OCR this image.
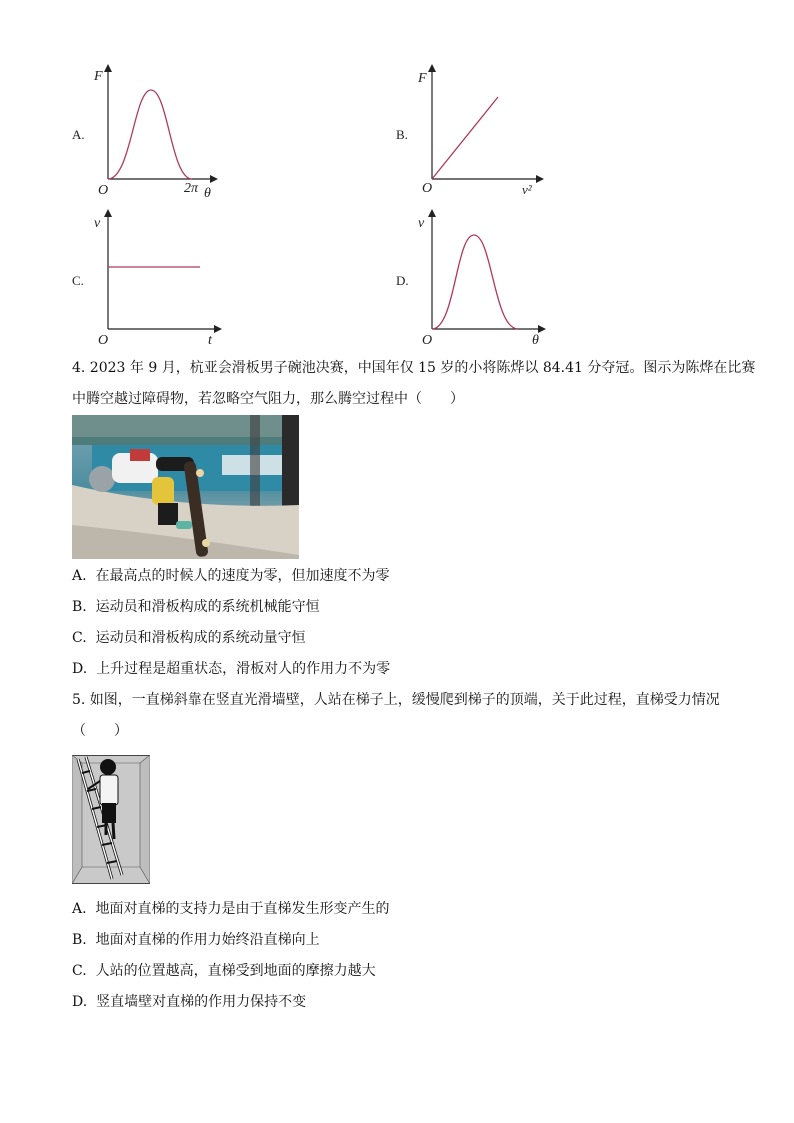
A.	B.
C.	D.
F
O	2π θ
F
O	v²
v
O	t
v
O	θ
4. 2023 年 9 月，杭亚会滑板男子碗池决赛，中国年仅 15 岁的小将陈烨以 84.41 分夺冠。图示为陈烨在比赛
中腾空越过障碍物，若忽略空气阻力，那么腾空过程中（　　）
A. 在最高点的时候人的速度为零，但加速度不为零
B. 运动员和滑板构成的系统机械能守恒
C. 运动员和滑板构成的系统动量守恒
D. 上升过程是超重状态，滑板对人的作用力不为零
5. 如图，一直梯斜靠在竖直光滑墙壁，人站在梯子上，缓慢爬到梯子的顶端，关于此过程，直梯受力情况
（　　）
A. 地面对直梯的支持力是由于直梯发生形变产生的
B. 地面对直梯的作用力始终沿直梯向上
C. 人站的位置越高，直梯受到地面的摩擦力越大
D. 竖直墙壁对直梯的作用力保持不变
